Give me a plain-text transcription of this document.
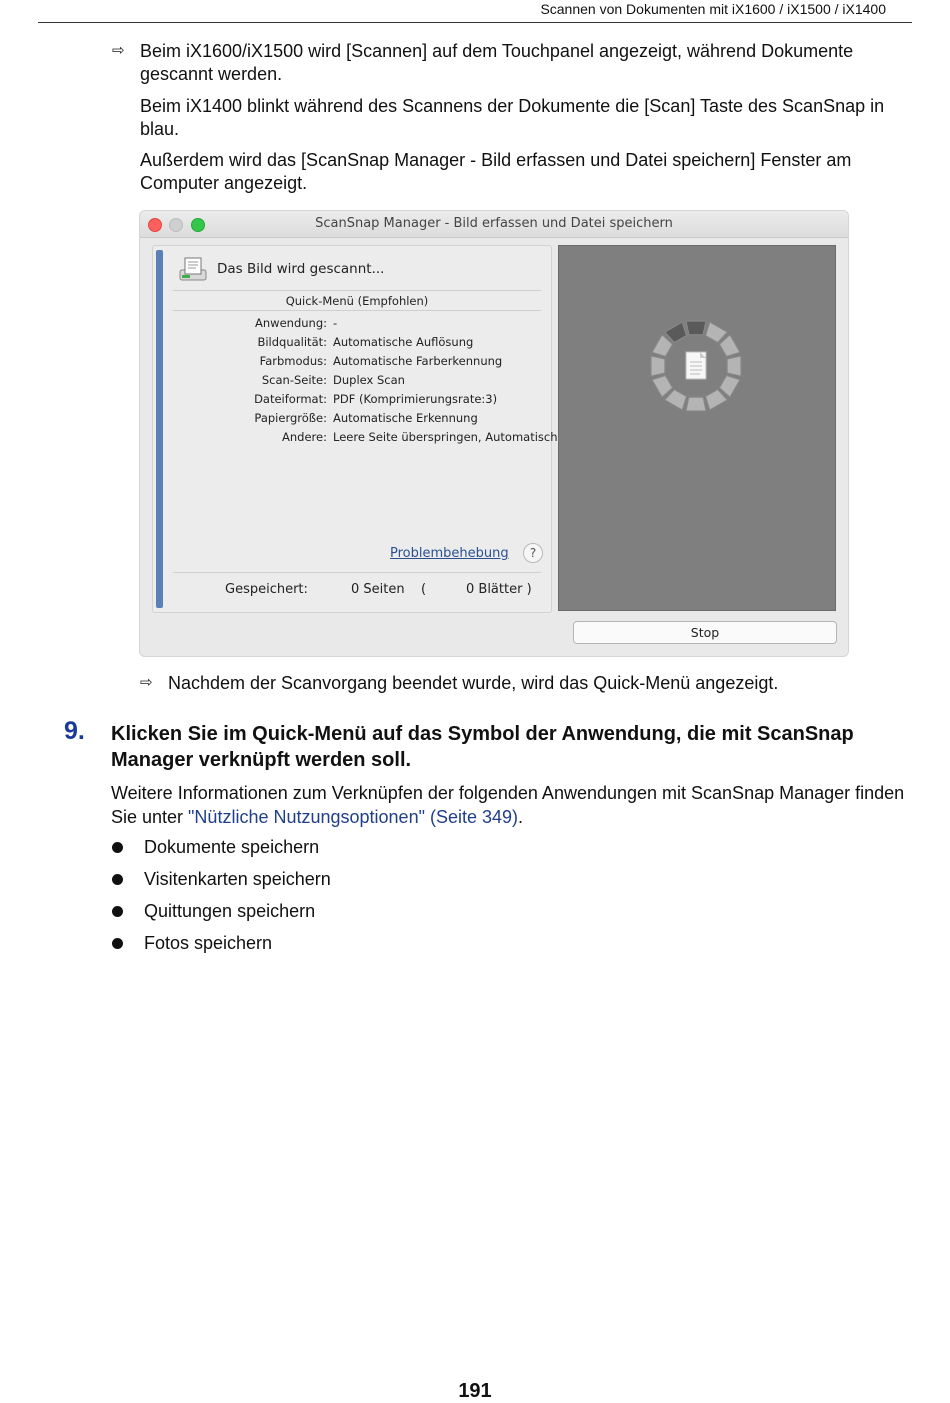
Scannen von Dokumenten mit iX1600 / iX1500 / iX1400
⇨ Beim iX1600/iX1500 wird [Scannen] auf dem Touchpanel angezeigt, während Dokumente gescannt werden.

Beim iX1400 blinkt während des Scannens der Dokumente die [Scan] Taste des ScanSnap in blau.

Außerdem wird das [ScanSnap Manager - Bild erfassen und Datei speichern] Fenster am Computer angezeigt.

ScanSnap Manager - Bild erfassen und Datei speichern
Das Bild wird gescannt...
Quick-Menü (Empfohlen)
Anwendung: -
Bildqualität: Automatische Auflösung
Farbmodus: Automatische Farberkennung
Scan-Seite: Duplex Scan
Dateiformat: PDF (Komprimierungsrate:3)
Papiergröße: Automatische Erkennung
Andere: Leere Seite überspringen, Automatisch
Problembehebung	?
Gespeichert:	0 Seiten (	0 Blätter )
Stop
⇨ Nachdem der Scanvorgang beendet wurde, wird das Quick-Menü angezeigt.

9. Klicken Sie im Quick-Menü auf das Symbol der Anwendung, die mit ScanSnap Manager verknüpft werden soll.

Weitere Informationen zum Verknüpfen der folgenden Anwendungen mit ScanSnap Manager finden Sie unter "Nützliche Nutzungsoptionen" (Seite 349).

Dokumente speichern
Visitenkarten speichern
Quittungen speichern
Fotos speichern
191
